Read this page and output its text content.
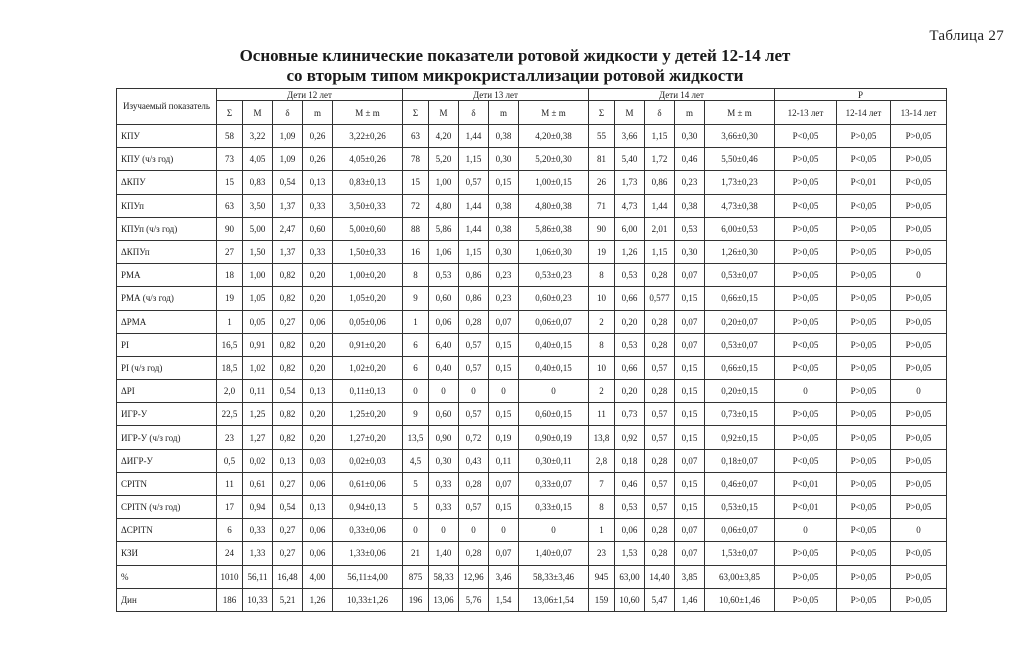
Таблица 27
Основные клинические показатели ротовой жидкости у детей 12-14 лет
со вторым типом микрокристаллизации ротовой жидкости
Изучаемый показатель	Дети 12 лет					Дети 13 лет					Дети 14 лет					Р		
	Σ	М	δ	m	М ± m	Σ	М	δ	m	М ± m	Σ	М	δ	m	М ± m	12-13 лет	12-14 лет	13-14 лет
КПУ	58	3,22	1,09	0,26	3,22±0,26	63	4,20	1,44	0,38	4,20±0,38	55	3,66	1,15	0,30	3,66±0,30	P<0,05	P>0,05	P>0,05
КПУ (ч/з год)	73	4,05	1,09	0,26	4,05±0,26	78	5,20	1,15	0,30	5,20±0,30	81	5,40	1,72	0,46	5,50±0,46	P>0,05	P<0,05	P>0,05
ΔКПУ	15	0,83	0,54	0,13	0,83±0,13	15	1,00	0,57	0,15	1,00±0,15	26	1,73	0,86	0,23	1,73±0,23	P>0,05	P<0,01	P<0,05
КПУп	63	3,50	1,37	0,33	3,50±0,33	72	4,80	1,44	0,38	4,80±0,38	71	4,73	1,44	0,38	4,73±0,38	P<0,05	P<0,05	P>0,05
КПУп (ч/з год)	90	5,00	2,47	0,60	5,00±0,60	88	5,86	1,44	0,38	5,86±0,38	90	6,00	2,01	0,53	6,00±0,53	P>0,05	P>0,05	P>0,05
ΔКПУп	27	1,50	1,37	0,33	1,50±0,33	16	1,06	1,15	0,30	1,06±0,30	19	1,26	1,15	0,30	1,26±0,30	P>0,05	P>0,05	P>0,05
РМА	18	1,00	0,82	0,20	1,00±0,20	8	0,53	0,86	0,23	0,53±0,23	8	0,53	0,28	0,07	0,53±0,07	P>0,05	P>0,05	0
РМА (ч/з год)	19	1,05	0,82	0,20	1,05±0,20	9	0,60	0,86	0,23	0,60±0,23	10	0,66	0,577	0,15	0,66±0,15	P>0,05	P>0,05	P>0,05
ΔРМА	1	0,05	0,27	0,06	0,05±0,06	1	0,06	0,28	0,07	0,06±0,07	2	0,20	0,28	0,07	0,20±0,07	P>0,05	P>0,05	P>0,05
PI	16,5	0,91	0,82	0,20	0,91±0,20	6	6,40	0,57	0,15	0,40±0,15	8	0,53	0,28	0,07	0,53±0,07	P<0,05	P>0,05	P>0,05
PI (ч/з год)	18,5	1,02	0,82	0,20	1,02±0,20	6	0,40	0,57	0,15	0,40±0,15	10	0,66	0,57	0,15	0,66±0,15	P<0,05	P>0,05	P>0,05
ΔPI	2,0	0,11	0,54	0,13	0,11±0,13	0	0	0	0	0	2	0,20	0,28	0,15	0,20±0,15	0	P>0,05	0
ИГР-У	22,5	1,25	0,82	0,20	1,25±0,20	9	0,60	0,57	0,15	0,60±0,15	11	0,73	0,57	0,15	0,73±0,15	P>0,05	P>0,05	P>0,05
ИГР-У (ч/з год)	23	1,27	0,82	0,20	1,27±0,20	13,5	0,90	0,72	0,19	0,90±0,19	13,8	0,92	0,57	0,15	0,92±0,15	P>0,05	P>0,05	P>0,05
ΔИГР-У	0,5	0,02	0,13	0,03	0,02±0,03	4,5	0,30	0,43	0,11	0,30±0,11	2,8	0,18	0,28	0,07	0,18±0,07	P<0,05	P>0,05	P>0,05
CPITN	11	0,61	0,27	0,06	0,61±0,06	5	0,33	0,28	0,07	0,33±0,07	7	0,46	0,57	0,15	0,46±0,07	P<0,01	P>0,05	P>0,05
CPITN (ч/з год)	17	0,94	0,54	0,13	0,94±0,13	5	0,33	0,57	0,15	0,33±0,15	8	0,53	0,57	0,15	0,53±0,15	P<0,01	P<0,05	P>0,05
ΔCPITN	6	0,33	0,27	0,06	0,33±0,06	0	0	0	0	0	1	0,06	0,28	0,07	0,06±0,07	0	P<0,05	0
КЗИ	24	1,33	0,27	0,06	1,33±0,06	21	1,40	0,28	0,07	1,40±0,07	23	1,53	0,28	0,07	1,53±0,07	P>0,05	P<0,05	P<0,05
%	1010	56,11	16,48	4,00	56,11±4,00	875	58,33	12,96	3,46	58,33±3,46	945	63,00	14,40	3,85	63,00±3,85	P>0,05	P>0,05	P>0,05
Дин	186	10,33	5,21	1,26	10,33±1,26	196	13,06	5,76	1,54	13,06±1,54	159	10,60	5,47	1,46	10,60±1,46	P>0,05	P>0,05	P>0,05
